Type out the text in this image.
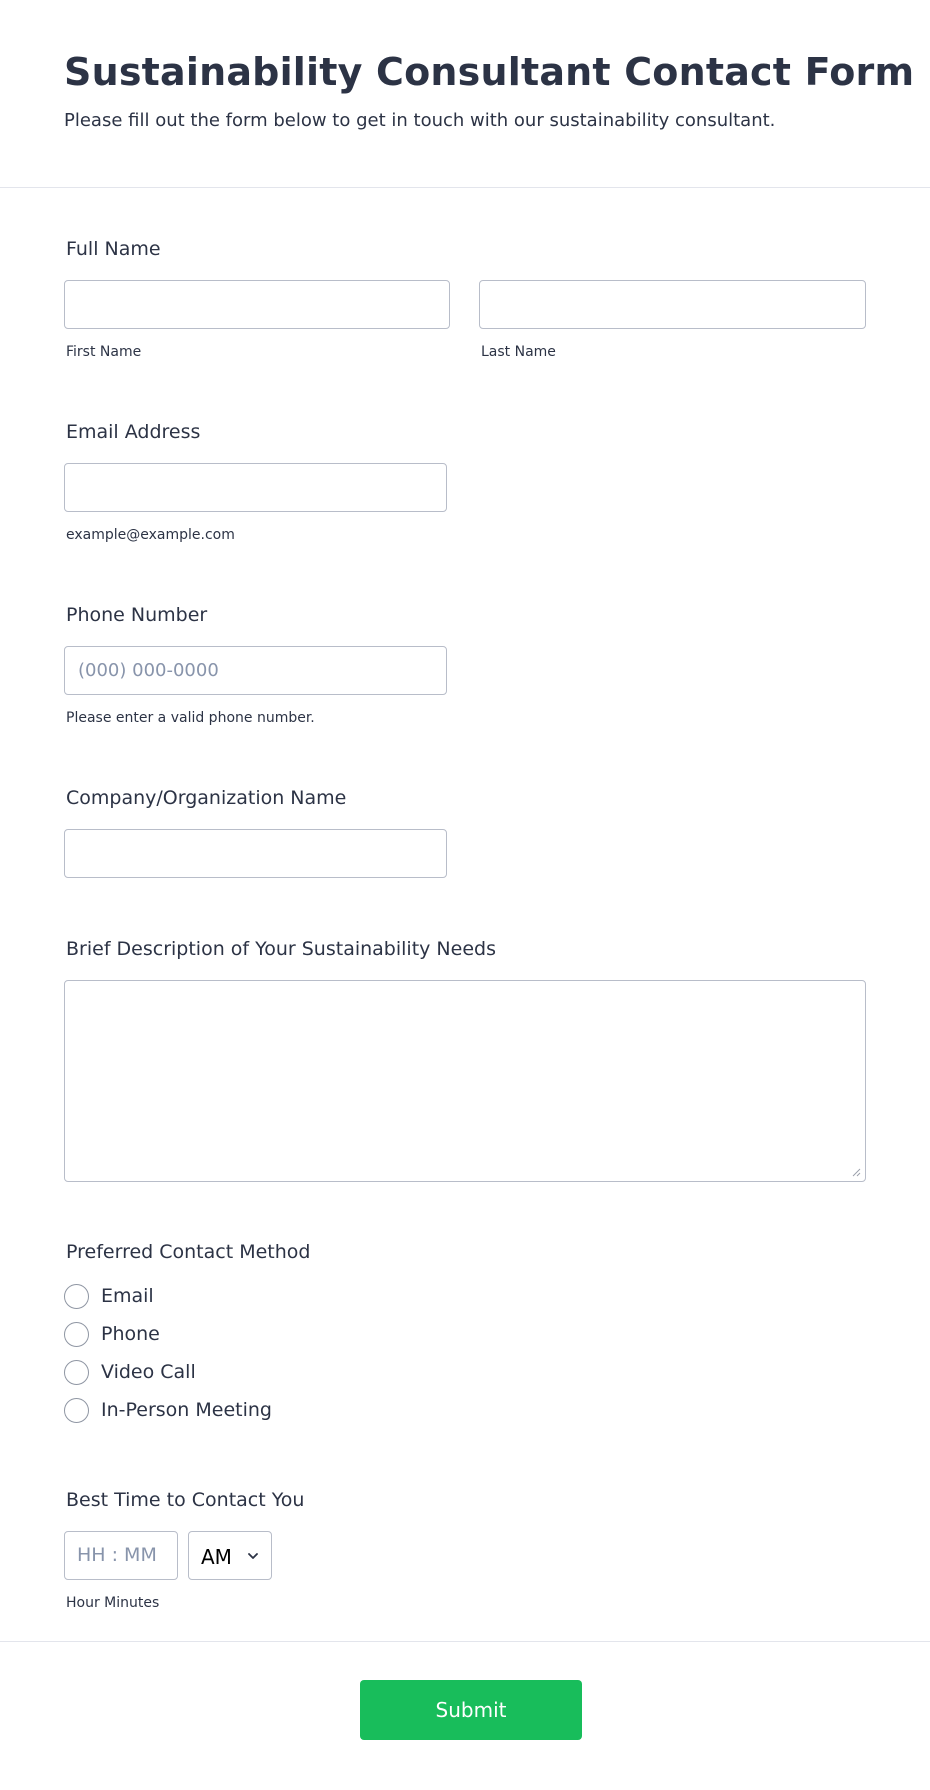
Sustainability Consultant Contact Form
Please fill out the form below to get in touch with our sustainability consultant.
Full Name
First Name	Last Name
Email Address
example@example.com
Phone Number
(000) 000-0000
Please enter a valid phone number.
Company/Organization Name
Brief Description of Your Sustainability Needs
Preferred Contact Method
Email
Phone
Video Call
In-Person Meeting
Best Time to Contact You
HH : MM	AM
Hour Minutes
Submit
